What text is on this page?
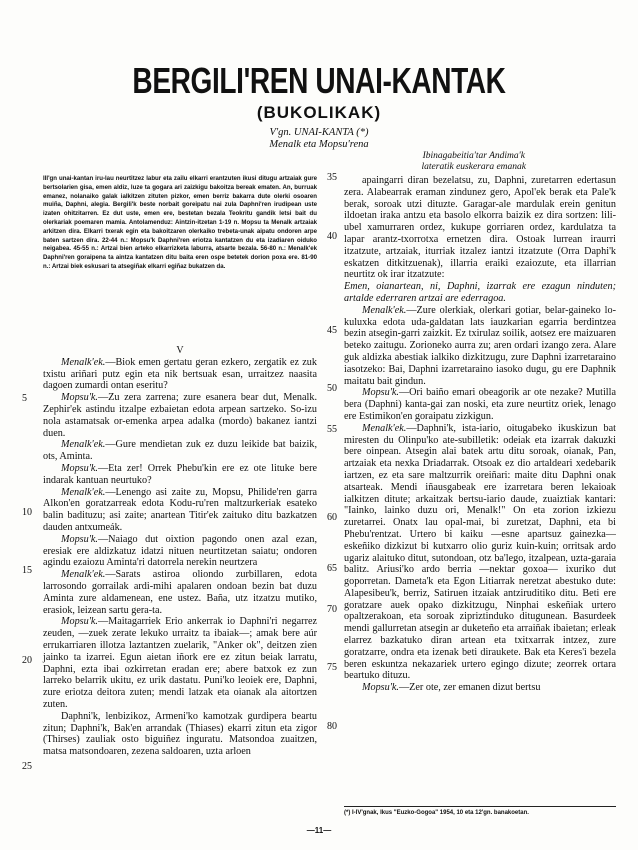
BERGILI'REN UNAI-KANTAK
(BUKOLIKAK)

V'gn. UNAI-KANTA (*)
Menalk eta Mopsu'rena

Ibinagabeitia'tar Andima'k
lateratik euskerara emanak

III'gn unai-kantan iru-lau neurtitzez labur eta zailu elkarri erantzuten ikusi ditugu artzaiak gure bertsolarien gisa, emen aldiz, luze ta gogara ari zaizkigu bakoitza bereak ematen. An, burruak emanez, nolanaiko galak ialkitzen zituten pizkor, emen berriz bakarra dute olerki osoaren muiña, Daphni, alegia. Bergili'k beste norbait goreipatu nai zula Daphni'ren irudipean uste izaten ohitzitarren. Ez dut uste, emen ere, bestetan bezala Teokritu gandik letsi bait du olerkariak poemaren mamia. Antolamenduz: Aintzin-itzetan 1-19 n. Mopsu ta Menalk artzaiak arkitzen dira. Elkarri txerak egin eta bakoitzaren olerkaiko trebeta-unak aipatu ondoren arpe baten sartzen dira. 22-44 n.: Mopsu'k Daphni'ren eriotza kantatzen du eta izadiaren oiduko neigabea. 45-55 n.: Artzai bien arteko elkarrizketa laburra, atsarte bezala. 56-80 n.: Menalk'ek Daphni'ren goraipena ta aintza kantatzen ditu baita eren ospe betetek dorion poxa ere. 81-90 n.: Artzai biek eskusari ta atsegiñak elkarri egiñaz bukatzen da.

V

Menalk'ek.—Biok emen gertatu geran ezkero, zergatik ez zuk txistu ariñari putz egin eta nik bertsuak esan, urraitzez naasita dagoen zumardi ontan eseritu?

Mopsu'k.—Zu zera zarrena; zure esanera bear dut, Menalk. Zephir'ek astindu itzalpe ezbaietan edota arpean sartzeko. So-izu nola astamatsak or-emenka arpea adalka (mordo) bakanez iantzi duen.

Menalk'ek.—Gure mendietan zuk ez duzu leikide bat baizik, ots, Aminta.

Mopsu'k.—Eta zer! Orrek Phebu'kin ere ez ote lituke bere indarak kantuan neurtuko?

Menalk'ek.—Lenengo asi zaite zu, Mopsu, Philide'ren garra Alkon'en goratzarreak edota Kodu-ru'ren maltzurkeriak esateko balin badituzu; asi zaite; anartean Titir'ek zaituko ditu bazkatzen dauden antxumeák.

Mopsu'k.—Naiago dut oixtion pagondo onen azal ezan, eresiak ere aldizkatuz idatzi nituen neurtitzetan saiatu; ondoren agindu ezaiozu Aminta'ri datorrela nerekin neurtzera

Menalk'ek.—Sarats astiroa oliondo zurbillaren, edota larrosondo gorrailak ardi-mihi apalaren ondoan bezin bat duzu Aminta zure aldamenean, ene ustez. Baña, utz itzatzu mutiko, erasiok, leizean sartu gera-ta.

Mopsu'k.—Maitagarriek Erio ankerrak io Daphni'ri negarrez zeuden, —zuek zerate lekuko urraitz ta ibaiak—; amak bere aúr errukarriaren illotza laztantzen zuelarik, "Anker ok", deitzen zien jainko ta izarrei. Egun aietan iñork ere ez zitun beiak larratu, Daphni, ezta ibai ozkirretan eradan ere; abere batxok ez zun larreko belarrik ukitu, ez urik dastatu. Puni'ko leoiek ere, Daphni, zure eriotza deitora zuten; mendi latzak eta oianak ala aitortzen zuten.

Daphni'k, lenbizikoz, Armeni'ko kamotzak gurdipera beartu zitun; Daphni'k, Bak'en arrandak (Thiases) ekarri zitun eta zigor (Thirses) zauliak osto biguiñez inguratu. Matsondoa zuaitzen, matsa matsondoaren, zezena saldoaren, uzta arloen

apaingarri diran bezelatsu, zu, Daphni, zuretarren edertasun zera. Alabearrak eraman zindunez gero, Apol'ek berak eta Pale'k berak, soroak utzi dituzte. Garagar-ale mardulak erein genitun ildoetan iraka antzu eta basolo elkorra baizik ez dira sortzen: lili-ubel xamurraren ordez, kukupe gorriaren ordez, kardulatza ta lapar arantz-txorrotxa ernetzen dira. Ostoak lurrean iraurri itzatzute, artzaiak, iturriak itzalez iantzi itzatzute (Orra Daphi'k eskatzen ditkitzuenak), illarria eraiki ezaiozute, eta illarrian neurtitz ok irar itzatzute:

Emen, oianartean, ni, Daphni, izarrak ere ezagun ninduten; artalde ederraren artzai are ederragoa.

Menalk'ek.—Zure olerkiak, olerkari gotiar, belar-gaineko lo-kuluxka edota uda-galdatan lats iauzkarian egarria berdintzea bezin atsegin-garri zaizkit. Ez txirulaz soilik, aotsez ere maizuaren beteko zaitugu. Zorioneko aurra zu; aren ordari izango zera. Alare guk aldizka abestiak ialkiko dizkitzugu, zure Daphni izarretaraino iasotzeko: Bai, Daphni izarretaraino iasoko dugu, gu ere Daphnik maitatu bait gindun.

Mopsu'k.—Ori baiño emari obeagorik ar ote nezake? Mutilla bera (Daphni) kanta-gai zan noski, eta zure neurtitz oriek, lenago ere Estimikon'en goraipatu zizkigun.

Menalk'ek.—Daphni'k, ista-iario, oitugabeko ikuskizun bat miresten du Olinpu'ko ate-subilletik: odeiak eta izarrak dakuzki bere oinpean. Atsegin alai batek artu ditu soroak, oianak, Pan, artzaiak eta nexka Driadarrak. Otsoak ez dio artaldeari xedebarik iartzen, ez eta sare maltzurrik oreiñari: maite ditu Daphni onak atsarteak. Mendi iñausgabeak ere izarretara beren lekaioak ialkitzen ditute; arkaitzak bertsu-iario daude, zuaiztiak kantari: "Iainko, lainko duzu ori, Menalk!" On eta zorion izkiezu zuretarrei. Onatx lau opal-mai, bi zuretzat, Daphni, eta bi Phebu'rentzat. Urtero bi kaiku —esne apartsuz gainezka— eskeñiko dizkizut bi kutxarro olio guriz kuin-kuin; orritsak ardo ugariz alaituko ditut, sutondoan, otz ba'lego, itzalpean, uzta-garaia balitz. Ariusi'ko ardo berria —nektar goxoa— ixuriko dut goporretan. Dameta'k eta Egon Litiarrak neretzat abestuko dute: Alapesibeu'k, berriz, Satiruen itzaiak antziruditiko ditu. Beti ere goratzare auek opako dizkitzugu, Ninphai eskeñiak urtero opaltzerakoan, eta soroak zipriztinduko ditugunean. Basurdeek mendi gallurretan atsegin ar duketeño eta arraiñak ibaietan; erleak elarrez bazkatuko diran artean eta txitxarrak intzez, zure goratzarre, ondra eta izenak beti diraukete. Bak eta Keres'i bezela beren eskuntza nekazariek urtero egingo dizute; zeorrek ortara beartuko dituzu.

Mopsu'k.—Zer ote, zer emanen dizut bertsu

5
10
15
20
25
35
40
45
50
55
60
65
70
75
80
(*) I-IV'gnak, Ikus "Euzko-Gogoa" 1954, 10 eta 12'gn. banakoetan.
—11—
